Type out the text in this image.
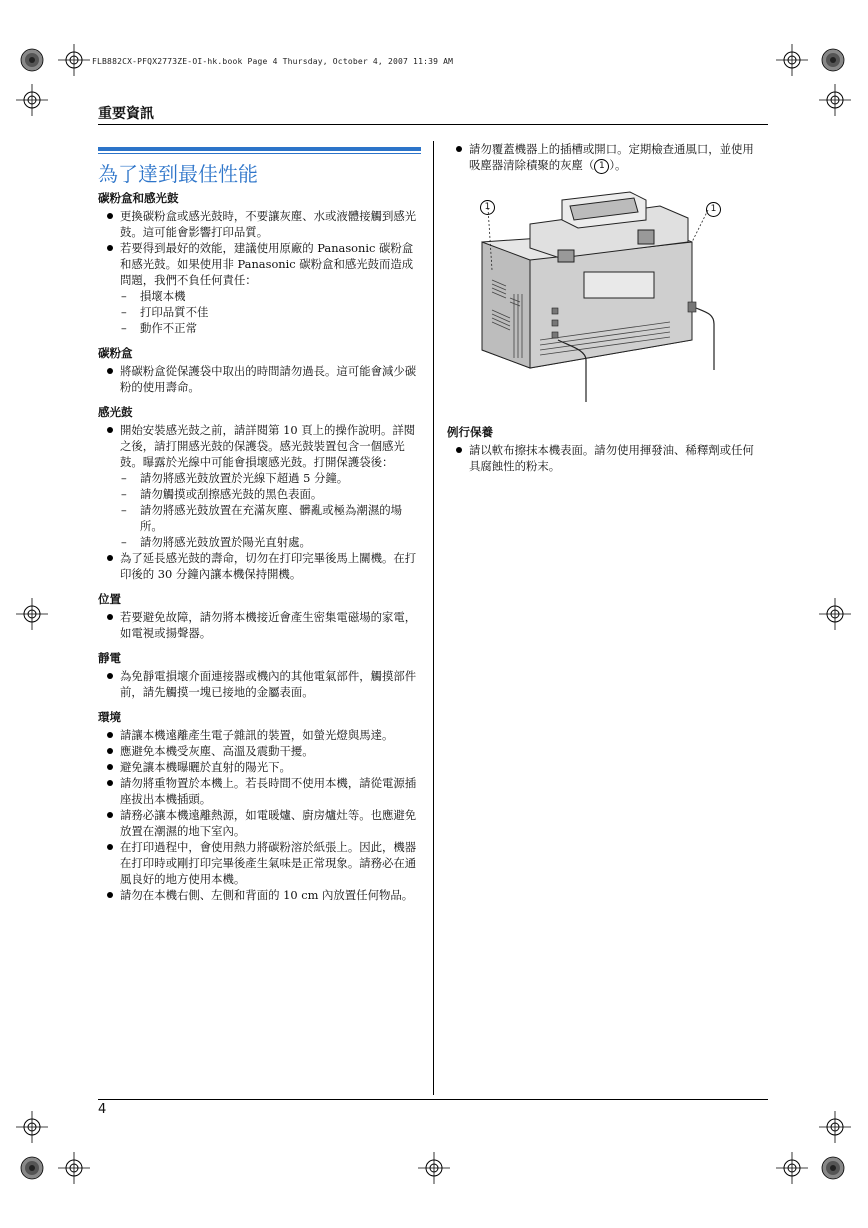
FLB882CX-PFQX2773ZE-OI-hk.book Page 4 Thursday, October 4, 2007 11:39 AM
重要資訊
為了達到最佳性能
碳粉盒和感光鼓
更換碳粉盒或感光鼓時，不要讓灰塵、水或液體接觸到感光鼓。這可能會影響打印品質。
若要得到最好的效能，建議使用原廠的 Panasonic 碳粉盒和感光鼓。如果使用非 Panasonic 碳粉盒和感光鼓而造成問題，我們不負任何責任：
– 損壞本機
– 打印品質不佳
– 動作不正常
碳粉盒
將碳粉盒從保護袋中取出的時間請勿過長。這可能會減少碳粉的使用壽命。
感光鼓
開始安裝感光鼓之前，請詳閱第 10 頁上的操作說明。詳閱之後，請打開感光鼓的保護袋。感光鼓裝置包含一個感光鼓。曝露於光線中可能會損壞感光鼓。打開保護袋後：
– 請勿將感光鼓放置於光線下超過 5 分鐘。
– 請勿觸摸或刮擦感光鼓的黑色表面。
– 請勿將感光鼓放置在充滿灰塵、髒亂或極為潮濕的場所。
– 請勿將感光鼓放置於陽光直射處。
為了延長感光鼓的壽命，切勿在打印完畢後馬上關機。在打印後的 30 分鐘內讓本機保持開機。
位置
若要避免故障，請勿將本機接近會產生密集電磁場的家電，如電視或揚聲器。
靜電
為免靜電損壞介面連接器或機內的其他電氣部件，觸摸部件前，請先觸摸一塊已接地的金屬表面。
環境
請讓本機遠離產生電子雜訊的裝置，如螢光燈與馬達。
應避免本機受灰塵、高溫及震動干擾。
避免讓本機曝曬於直射的陽光下。
請勿將重物置於本機上。若長時間不使用本機，請從電源插座拔出本機插頭。
請務必讓本機遠離熱源，如電暖爐、廚房爐灶等。也應避免放置在潮濕的地下室內。
在打印過程中，會使用熱力將碳粉溶於紙張上。因此，機器在打印時或剛打印完畢後產生氣味是正常現象。請務必在通風良好的地方使用本機。
請勿在本機右側、左側和背面的 10 cm 內放置任何物品。
請勿覆蓋機器上的插槽或開口。定期檢查通風口，並使用吸塵器清除積聚的灰塵（ 1 ）。
1	1
例行保養
請以軟布擦抹本機表面。請勿使用揮發油、稀釋劑或任何具腐蝕性的粉末。
4
